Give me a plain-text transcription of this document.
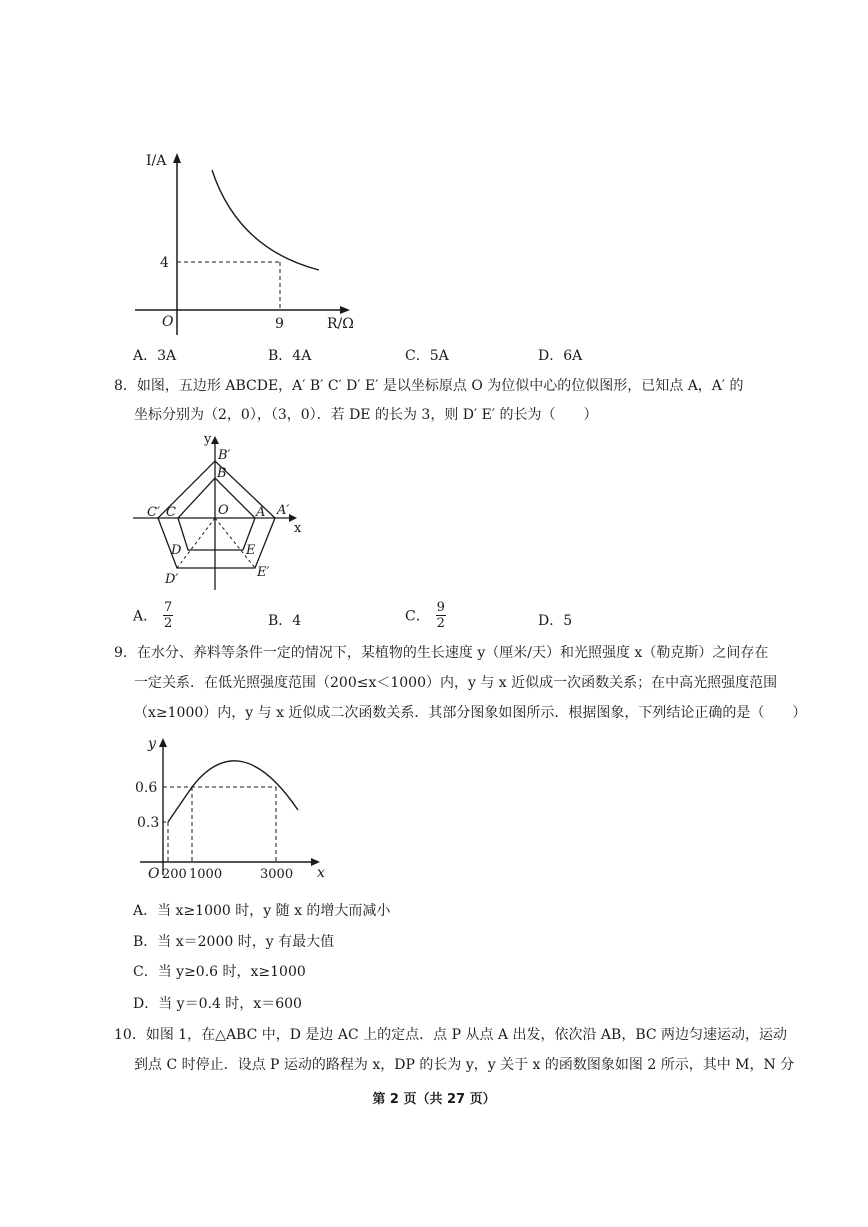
I/A
R/Ω
O
4
9
A．3A	B．4A	C．5A	D．6A
8．如图，五边形 ABCDE，A′ B′ C′ D′ E′ 是以坐标原点 O 为位似中心的位似图形，已知点 A，A′ 的
坐标分别为（2，0），（3，0）．若 DE 的长为 3，则 D′ E′ 的长为（　　）
y
x
O
B′
B
C′ C	A A′
D	E
D′	E′
A． $\frac{7}{2}$	B．4	C． $\frac{9}{2}$	D．5
9．在水分、养料等条件一定的情况下，某植物的生长速度 y（厘米/天）和光照强度 x（勒克斯）之间存在
一定关系．在低光照强度范围（200≤x＜1000）内，y 与 x 近似成一次函数关系；在中高光照强度范围
（x≥1000）内，y 与 x 近似成二次函数关系．其部分图象如图所示．根据图象，下列结论正确的是（　　）
y
x
O
0.6
0.3
200 1000	3000
A．当 x≥1000 时，y 随 x 的增大而减小
B．当 x＝2000 时，y 有最大值
C．当 y≥0.6 时，x≥1000
D．当 y＝0.4 时，x＝600
10．如图 1，在△ABC 中，D 是边 AC 上的定点．点 P 从点 A 出发，依次沿 AB，BC 两边匀速运动，运动
到点 C 时停止．设点 P 运动的路程为 x，DP 的长为 y，y 关于 x 的函数图象如图 2 所示，其中 M，N 分
第 2 页（共 27 页）
